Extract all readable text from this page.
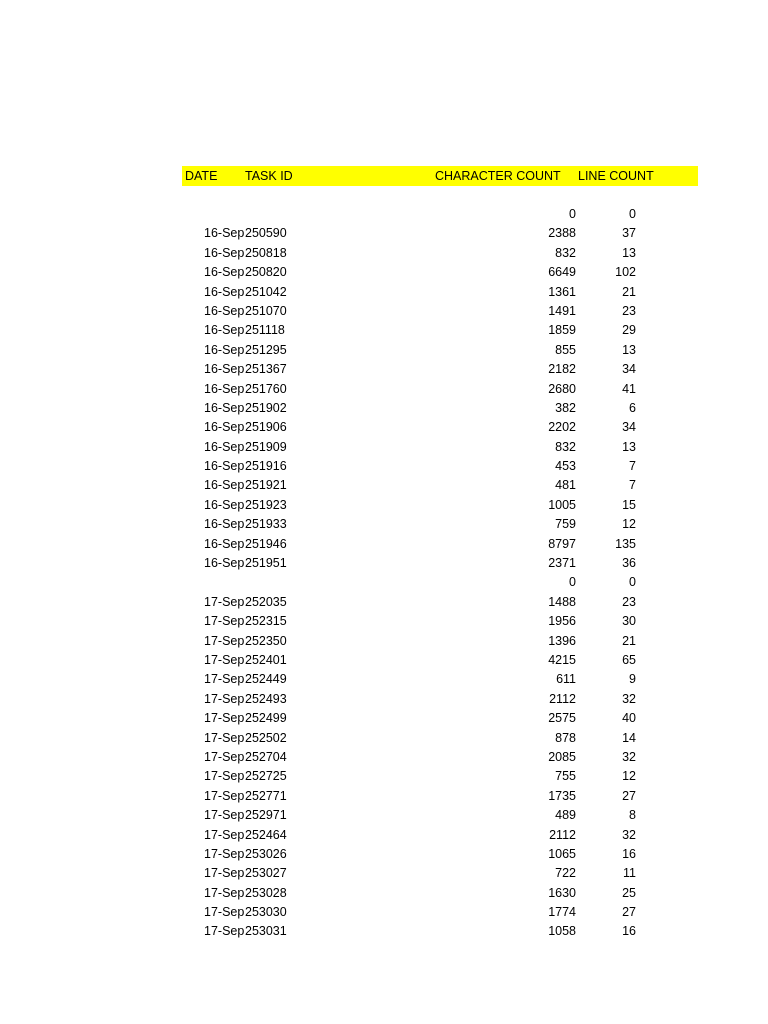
DATE TASK ID	CHARACTER COUNT LINE COUNT
0	0
16-Sep 250590	2388	37
16-Sep 250818	832	13
16-Sep 250820	6649	102
16-Sep 251042	1361	21
16-Sep 251070	1491	23
16-Sep 251118	1859	29
16-Sep 251295	855	13
16-Sep 251367	2182	34
16-Sep 251760	2680	41
16-Sep 251902	382	6
16-Sep 251906	2202	34
16-Sep 251909	832	13
16-Sep 251916	453	7
16-Sep 251921	481	7
16-Sep 251923	1005	15
16-Sep 251933	759	12
16-Sep 251946	8797	135
16-Sep 251951	2371	36
0	0
17-Sep 252035	1488	23
17-Sep 252315	1956	30
17-Sep 252350	1396	21
17-Sep 252401	4215	65
17-Sep 252449	611	9
17-Sep 252493	2112	32
17-Sep 252499	2575	40
17-Sep 252502	878	14
17-Sep 252704	2085	32
17-Sep 252725	755	12
17-Sep 252771	1735	27
17-Sep 252971	489	8
17-Sep 252464	2112	32
17-Sep 253026	1065	16
17-Sep 253027	722	11
17-Sep 253028	1630	25
17-Sep 253030	1774	27
17-Sep 253031	1058	16
